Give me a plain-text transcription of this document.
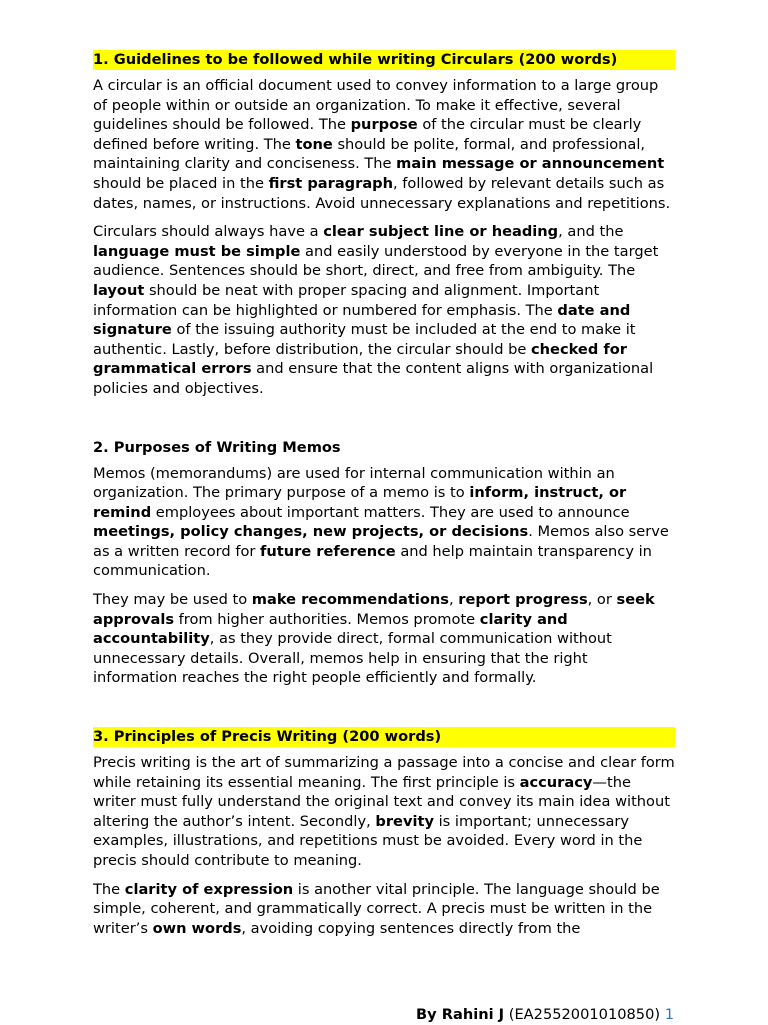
1. Guidelines to be followed while writing Circulars (200 words)

A circular is an official document used to convey information to a large group of people within or outside an organization. To make it effective, several guidelines should be followed. The purpose of the circular must be clearly defined before writing. The tone should be polite, formal, and professional, maintaining clarity and conciseness. The main message or announcement should be placed in the first paragraph, followed by relevant details such as dates, names, or instructions. Avoid unnecessary explanations and repetitions.

Circulars should always have a clear subject line or heading, and the language must be simple and easily understood by everyone in the target audience. Sentences should be short, direct, and free from ambiguity. The layout should be neat with proper spacing and alignment. Important information can be highlighted or numbered for emphasis. The date and signature of the issuing authority must be included at the end to make it authentic. Lastly, before distribution, the circular should be checked for grammatical errors and ensure that the content aligns with organizational policies and objectives.

2. Purposes of Writing Memos

Memos (memorandums) are used for internal communication within an organization. The primary purpose of a memo is to inform, instruct, or remind employees about important matters. They are used to announce meetings, policy changes, new projects, or decisions. Memos also serve as a written record for future reference and help maintain transparency in communication.

They may be used to make recommendations, report progress, or seek approvals from higher authorities. Memos promote clarity and accountability, as they provide direct, formal communication without unnecessary details. Overall, memos help in ensuring that the right information reaches the right people efficiently and formally.

3. Principles of Precis Writing (200 words)

Precis writing is the art of summarizing a passage into a concise and clear form while retaining its essential meaning. The first principle is accuracy—the writer must fully understand the original text and convey its main idea without altering the author’s intent. Secondly, brevity is important; unnecessary examples, illustrations, and repetitions must be avoided. Every word in the precis should contribute to meaning.

The clarity of expression is another vital principle. The language should be simple, coherent, and grammatically correct. A precis must be written in the writer’s own words, avoiding copying sentences directly from the

By Rahini J (EA2552001010850) 1
